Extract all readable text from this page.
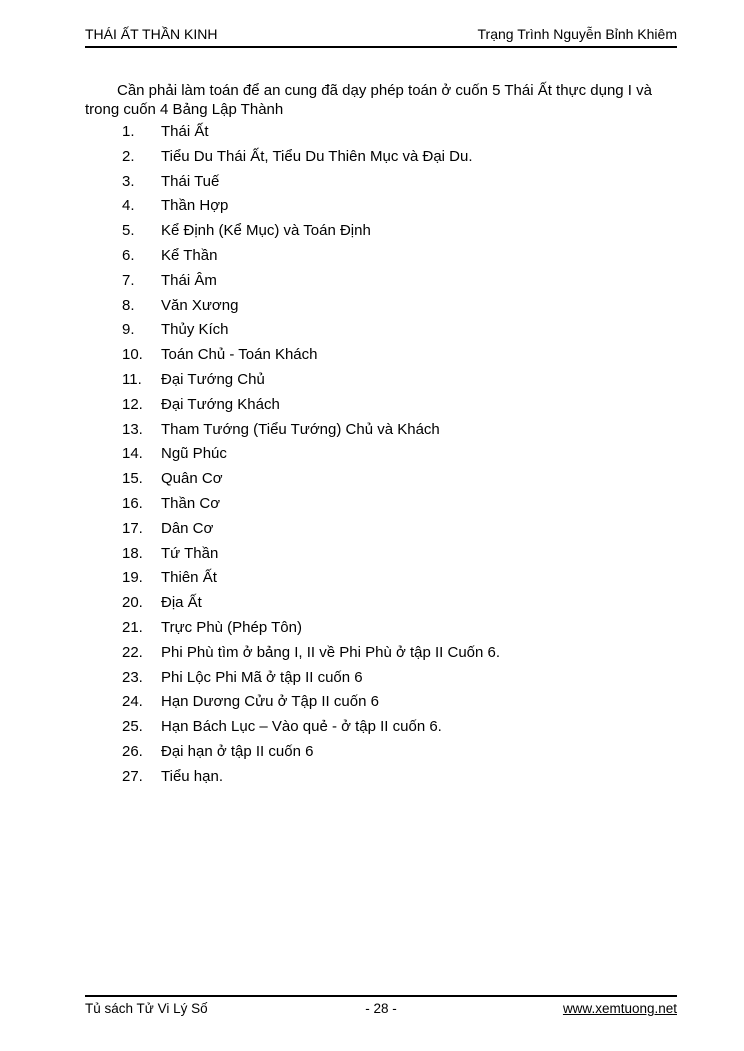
THÁI ẤT THẦN KINH	Trạng Trình Nguyễn Bỉnh Khiêm

Cần phải làm toán để an cung đã dạy phép toán ở cuốn 5 Thái Ất thực dụng I và trong cuốn 4 Bảng Lập Thành

1.	Thái Ất
2.	Tiểu Du Thái Ất, Tiểu Du Thiên Mục và Đại Du.
3.	Thái Tuế
4.	Thần Hợp
5.	Kể Định (Kể Mục) và Toán Định
6.	Kể Thần
7.	Thái Âm
8.	Văn Xương
9.	Thủy Kích
10.	Toán Chủ - Toán Khách
11.	Đại Tướng Chủ
12.	Đại Tướng Khách
13.	Tham Tướng (Tiểu Tướng) Chủ và Khách
14.	Ngũ Phúc
15.	Quân Cơ
16.	Thần Cơ
17.	Dân Cơ
18.	Tứ Thần
19.	Thiên Ất
20.	Địa Ất
21.	Trực Phù (Phép Tôn)
22.	Phi Phù tìm ở bảng I, II về Phi Phù ở tập II Cuốn 6.
23.	Phi Lộc Phi Mã ở tập II cuốn 6
24.	Hạn Dương Cửu ở Tập II cuốn 6
25.	Hạn Bách Lục – Vào quẻ - ở tập II cuốn 6.
26.	Đại hạn ở tập II cuốn 6
27.	Tiểu hạn.
Tủ sách Tử Vi Lý Số	- 28 -	www.xemtuong.net
